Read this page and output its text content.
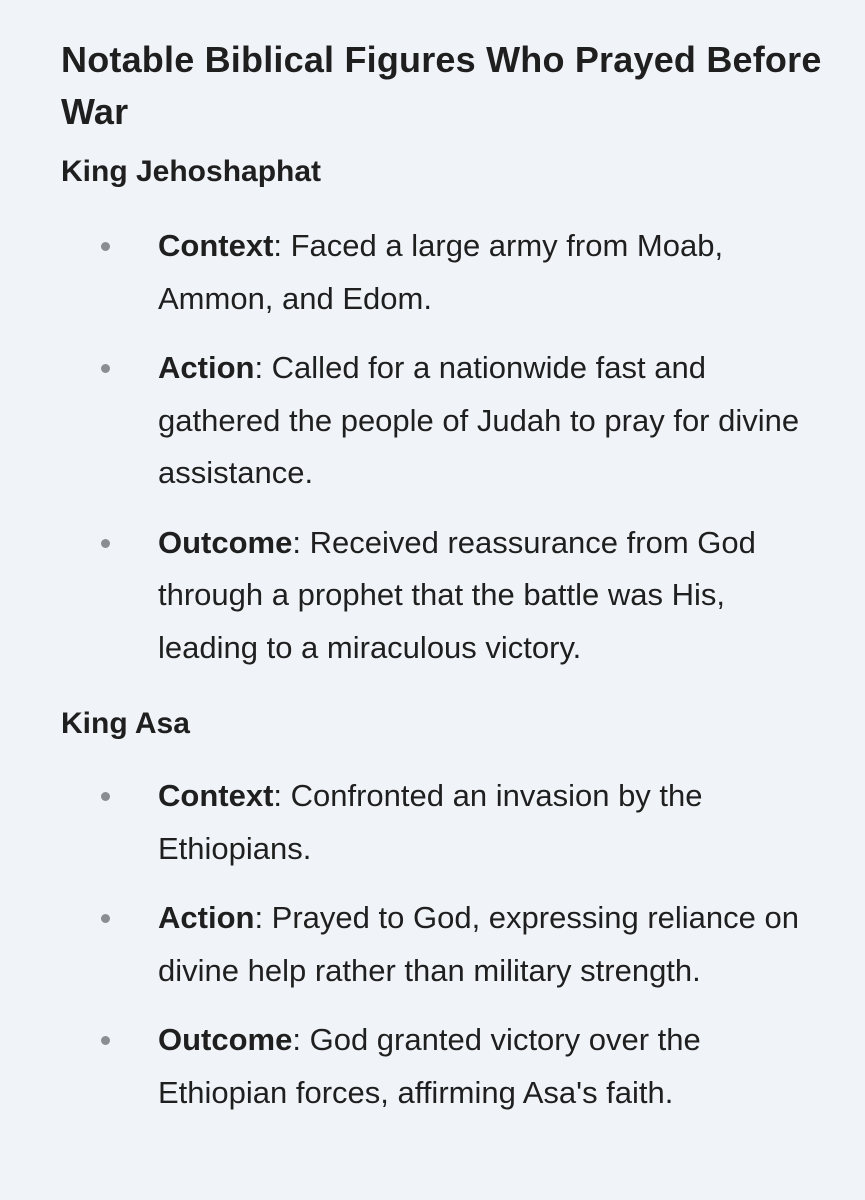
Notable Biblical Figures Who Prayed Before War
King Jehoshaphat
Context: Faced a large army from Moab, Ammon, and Edom.
Action: Called for a nationwide fast and gathered the people of Judah to pray for divine assistance.
Outcome: Received reassurance from God through a prophet that the battle was His, leading to a miraculous victory.
King Asa
Context: Confronted an invasion by the Ethiopians.
Action: Prayed to God, expressing reliance on divine help rather than military strength.
Outcome: God granted victory over the Ethiopian forces, affirming Asa's faith.
